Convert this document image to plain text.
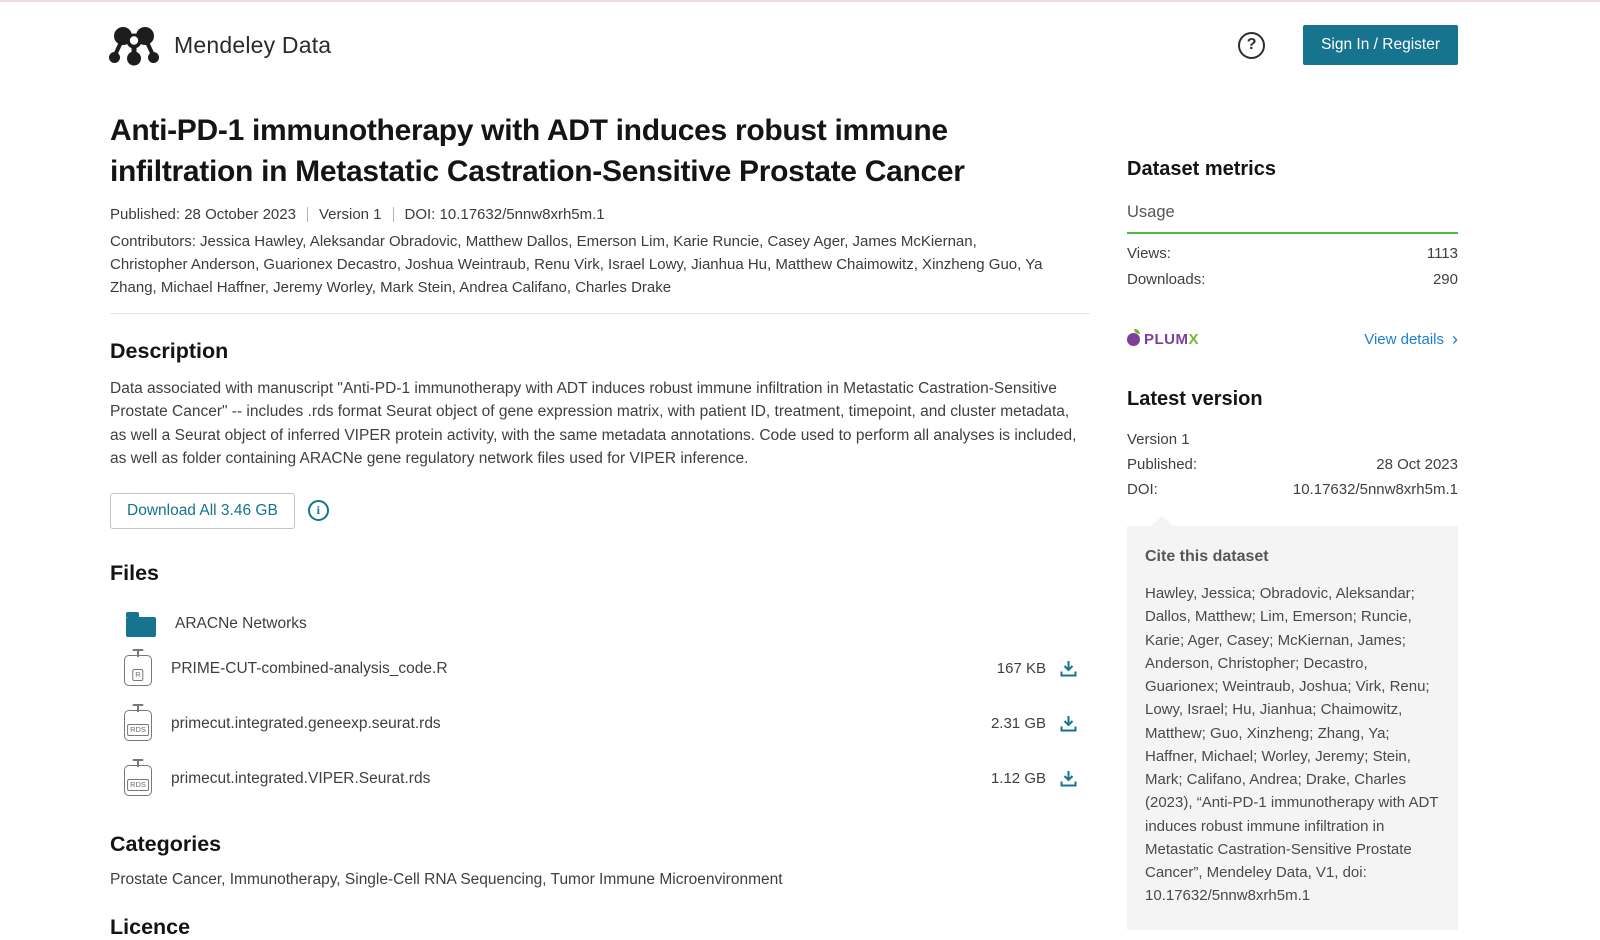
Mendeley Data	?	Sign In / Register
Anti-PD-1 immunotherapy with ADT induces robust immune infiltration in Metastatic Castration-Sensitive Prostate Cancer
Published: 28 October 2023 Version 1 DOI: 10.17632/5nnw8xrh5m.1

Contributors: Jessica Hawley, Aleksandar Obradovic, Matthew Dallos, Emerson Lim, Karie Runcie, Casey Ager, James McKiernan, Christopher Anderson, Guarionex Decastro, Joshua Weintraub, Renu Virk, Israel Lowy, Jianhua Hu, Matthew Chaimowitz, Xinzheng Guo, Ya Zhang, Michael Haffner, Jeremy Worley, Mark Stein, Andrea Califano, Charles Drake

Description

Data associated with manuscript "Anti-PD-1 immunotherapy with ADT induces robust immune infiltration in Metastatic Castration-Sensitive Prostate Cancer" -- includes .rds format Seurat object of gene expression matrix, with patient ID, treatment, timepoint, and cluster metadata, as well a Seurat object of inferred VIPER protein activity, with the same metadata annotations. Code used to perform all analyses is included, as well as folder containing ARACNe gene regulatory network files used for VIPER inference.

Download All 3.46 GB	i
Files
ARACNe Networks
R PRIME-CUT-combined-analysis_code.R	167 KB
RDS primecut.integrated.geneexp.seurat.rds	2.31 GB
RDS primecut.integrated.VIPER.Seurat.rds	1.12 GB
Categories

Prostate Cancer, Immunotherapy, Single-Cell RNA Sequencing, Tumor Immune Microenvironment

Licence
Dataset metrics
Usage
Views:	1113
Downloads:	290
PLUM X	View details ›
Latest version
Version 1
Published:	28 Oct 2023
DOI:	10.17632/5nnw8xrh5m.1
Cite this dataset

Hawley, Jessica; Obradovic, Aleksandar; Dallos, Matthew; Lim, Emerson; Runcie, Karie; Ager, Casey; McKiernan, James; Anderson, Christopher; Decastro, Guarionex; Weintraub, Joshua; Virk, Renu; Lowy, Israel; Hu, Jianhua; Chaimowitz, Matthew; Guo, Xinzheng; Zhang, Ya; Haffner, Michael; Worley, Jeremy; Stein, Mark; Califano, Andrea; Drake, Charles (2023), “Anti-PD-1 immunotherapy with ADT induces robust immune infiltration in Metastatic Castration-Sensitive Prostate Cancer”, Mendeley Data, V1, doi: 10.17632/5nnw8xrh5m.1
